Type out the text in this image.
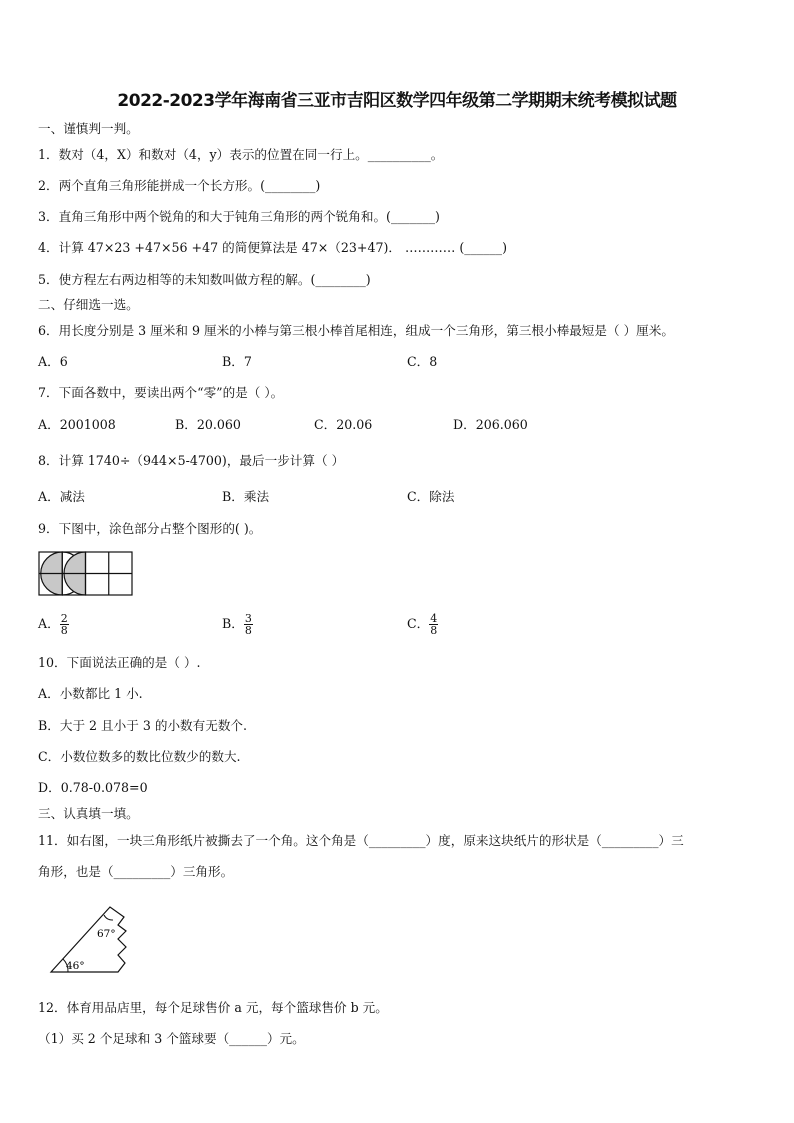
2022-2023学年海南省三亚市吉阳区数学四年级第二学期期末统考模拟试题
一、谨慎判一判。
1．数对（4，X）和数对（4，y）表示的位置在同一行上。__________。
2．两个直角三角形能拼成一个长方形。(________)
3．直角三角形中两个锐角的和大于钝角三角形的两个锐角和。(_______)
4．计算 47×23 +47×56 +47 的简便算法是 47×（23+47)． ………… (______)
5．使方程左右两边相等的未知数叫做方程的解。(________)
二、仔细选一选。
6．用长度分别是 3 厘米和 9 厘米的小棒与第三根小棒首尾相连，组成一个三角形，第三根小棒最短是（ ）厘米。
A．6	B．7	C．8
7．下面各数中，要读出两个“零”的是（ ）。
A．2001008	B．20.060	C．20.06	D．206.060
8．计算 1740÷（944×5-4700)，最后一步计算（ ）
A．减法	B．乘法	C．除法
9．下图中，涂色部分占整个图形的( )。
A． $\frac{2}{8}$	B． $\frac{3}{8}$	C． $\frac{4}{8}$
10．下面说法正确的是（ ）.
A．小数都比 1 小.
B．大于 2 且小于 3 的小数有无数个.
C．小数位数多的数比位数少的数大.
D．0.78-0.078=0
三、认真填一填。
11．如右图，一块三角形纸片被撕去了一个角。这个角是（_________）度，原来这块纸片的形状是（_________）三
角形，也是（_________）三角形。
67°
46°
12．体育用品店里，每个足球售价 a 元，每个篮球售价 b 元。
（1）买 2 个足球和 3 个篮球要（______）元。
